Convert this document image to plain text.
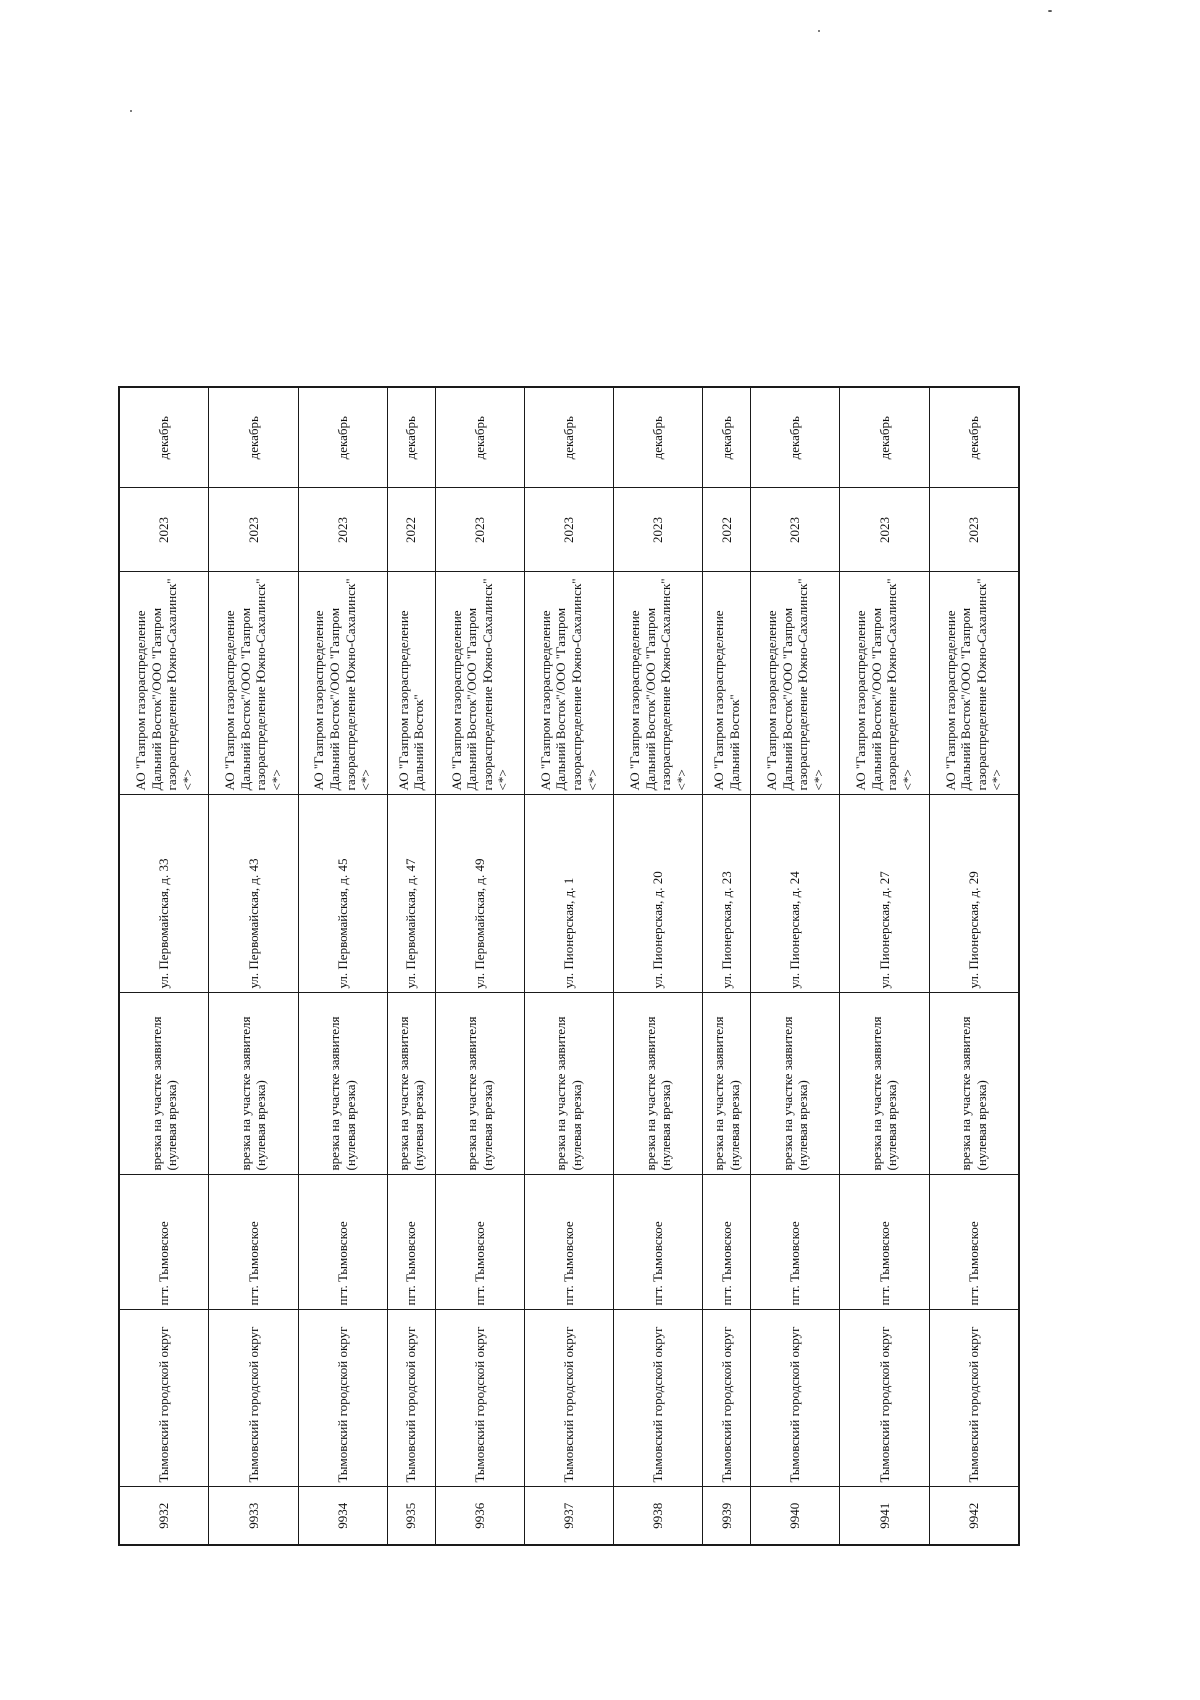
9932	Тымовский городской округ	пгт. Тымовское	врезка на участке заявителя (нулевая врезка)	ул. Первомайская, д. 33	АО "Газпром газораспределение Дальний Восток"/ООО "Газпром газораспределение Южно-Сахалинск" <*>	2023	декабрь
9933	Тымовский городской округ	пгт. Тымовское	врезка на участке заявителя (нулевая врезка)	ул. Первомайская, д. 43	АО "Газпром газораспределение Дальний Восток"/ООО "Газпром газораспределение Южно-Сахалинск" <*>	2023	декабрь
9934	Тымовский городской округ	пгт. Тымовское	врезка на участке заявителя (нулевая врезка)	ул. Первомайская, д. 45	АО "Газпром газораспределение Дальний Восток"/ООО "Газпром газораспределение Южно-Сахалинск" <*>	2023	декабрь
9935	Тымовский городской округ	пгт. Тымовское	врезка на участке заявителя (нулевая врезка)	ул. Первомайская, д. 47	АО "Газпром газораспределение Дальний Восток"	2022	декабрь
9936	Тымовский городской округ	пгт. Тымовское	врезка на участке заявителя (нулевая врезка)	ул. Первомайская, д. 49	АО "Газпром газораспределение Дальний Восток"/ООО "Газпром газораспределение Южно-Сахалинск" <*>	2023	декабрь
9937	Тымовский городской округ	пгт. Тымовское	врезка на участке заявителя (нулевая врезка)	ул. Пионерская, д. 1	АО "Газпром газораспределение Дальний Восток"/ООО "Газпром газораспределение Южно-Сахалинск" <*>	2023	декабрь
9938	Тымовский городской округ	пгт. Тымовское	врезка на участке заявителя (нулевая врезка)	ул. Пионерская, д. 20	АО "Газпром газораспределение Дальний Восток"/ООО "Газпром газораспределение Южно-Сахалинск" <*>	2023	декабрь
9939	Тымовский городской округ	пгт. Тымовское	врезка на участке заявителя (нулевая врезка)	ул. Пионерская, д. 23	АО "Газпром газораспределение Дальний Восток"	2022	декабрь
9940	Тымовский городской округ	пгт. Тымовское	врезка на участке заявителя (нулевая врезка)	ул. Пионерская, д. 24	АО "Газпром газораспределение Дальний Восток"/ООО "Газпром газораспределение Южно-Сахалинск" <*>	2023	декабрь
9941	Тымовский городской округ	пгт. Тымовское	врезка на участке заявителя (нулевая врезка)	ул. Пионерская, д. 27	АО "Газпром газораспределение Дальний Восток"/ООО "Газпром газораспределение Южно-Сахалинск" <*>	2023	декабрь
9942	Тымовский городской округ	пгт. Тымовское	врезка на участке заявителя (нулевая врезка)	ул. Пионерская, д. 29	АО "Газпром газораспределение Дальний Восток"/ООО "Газпром газораспределение Южно-Сахалинск" <*>	2023	декабрь
